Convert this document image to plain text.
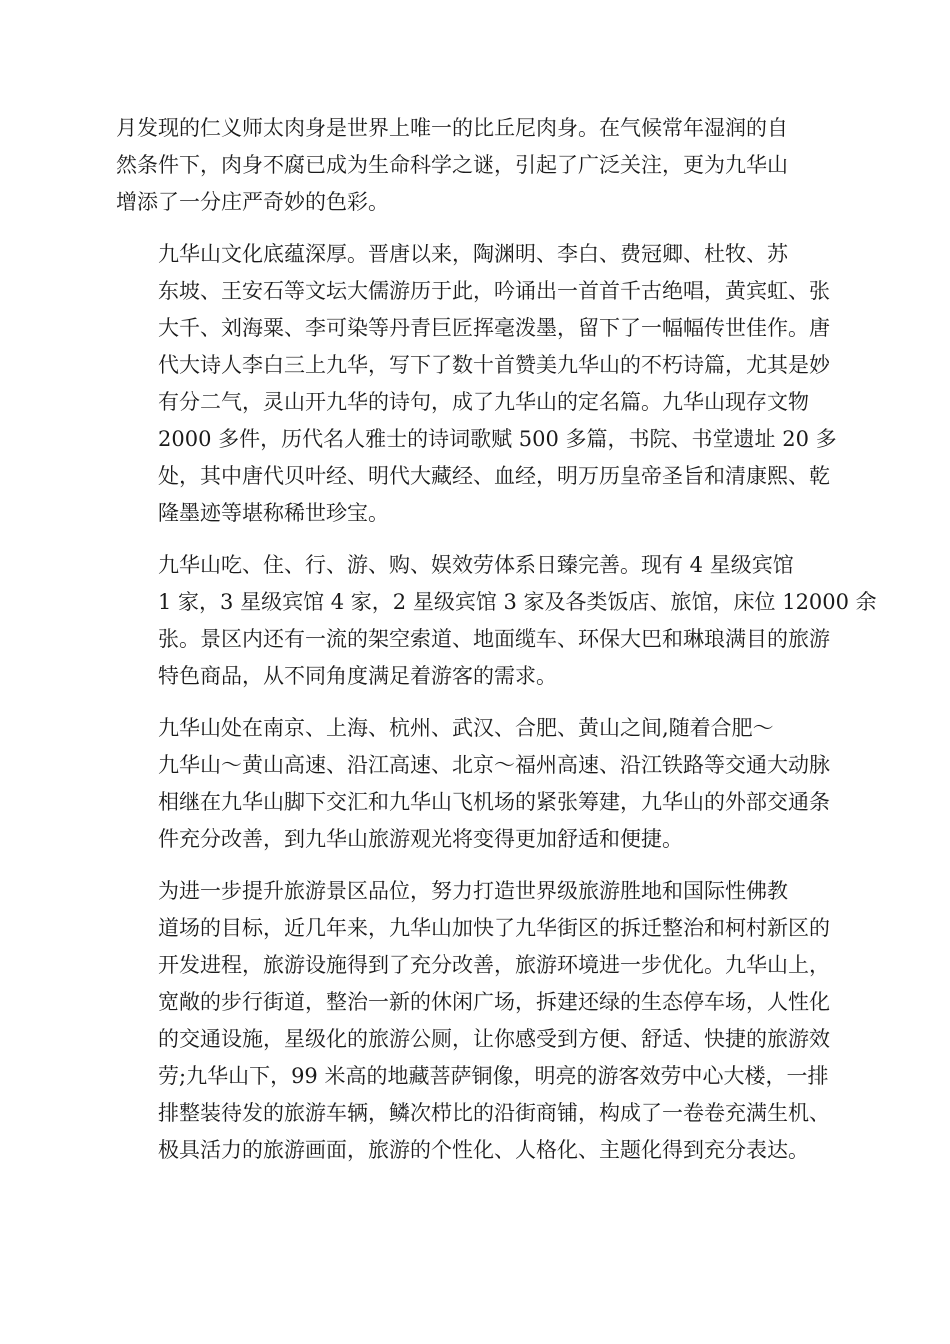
月发现的仁义师太肉身是世界上唯一的比丘尼肉身。在气候常年湿润的自
然条件下，肉身不腐已成为生命科学之谜，引起了广泛关注，更为九华山
增添了一分庄严奇妙的色彩。

九华山文化底蕴深厚。晋唐以来，陶渊明、李白、费冠卿、杜牧、苏
东坡、王安石等文坛大儒游历于此，吟诵出一首首千古绝唱，黄宾虹、张
大千、刘海粟、李可染等丹青巨匠挥毫泼墨，留下了一幅幅传世佳作。唐
代大诗人李白三上九华，写下了数十首赞美九华山的不朽诗篇，尤其是妙
有分二气，灵山开九华的诗句，成了九华山的定名篇。九华山现存文物
2000 多件，历代名人雅士的诗词歌赋 500 多篇，书院、书堂遗址 20 多
处，其中唐代贝叶经、明代大藏经、血经，明万历皇帝圣旨和清康熙、乾
隆墨迹等堪称稀世珍宝。

九华山吃、住、行、游、购、娱效劳体系日臻完善。现有 4 星级宾馆
1 家，3 星级宾馆 4 家，2 星级宾馆 3 家及各类饭店、旅馆，床位 12000 余
张。景区内还有一流的架空索道、地面缆车、环保大巴和琳琅满目的旅游
特色商品，从不同角度满足着游客的需求。

九华山处在南京、上海、杭州、武汉、合肥、黄山之间,随着合肥～
九华山～黄山高速、沿江高速、北京～福州高速、沿江铁路等交通大动脉
相继在九华山脚下交汇和九华山飞机场的紧张筹建，九华山的外部交通条
件充分改善，到九华山旅游观光将变得更加舒适和便捷。

为进一步提升旅游景区品位，努力打造世界级旅游胜地和国际性佛教
道场的目标，近几年来，九华山加快了九华街区的拆迁整治和柯村新区的
开发进程，旅游设施得到了充分改善，旅游环境进一步优化。九华山上，
宽敞的步行街道，整治一新的休闲广场，拆建还绿的生态停车场，人性化
的交通设施，星级化的旅游公厕，让你感受到方便、舒适、快捷的旅游效
劳;九华山下，99 米高的地藏菩萨铜像，明亮的游客效劳中心大楼，一排
排整装待发的旅游车辆，鳞次栉比的沿街商铺，构成了一卷卷充满生机、
极具活力的旅游画面，旅游的个性化、人格化、主题化得到充分表达。
